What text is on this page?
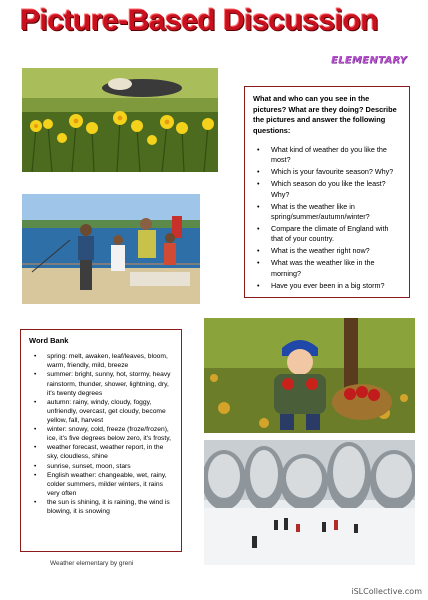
Picture-Based Discussion
ELEMENTARY

What and who can you see in the pictures? What are they doing? Describe the pictures and answer the following questions:

• What kind of weather do you like the most?
• Which is your favourite season? Why?
• Which season do you like the least? Why?
• What is the weather like in spring/summer/autumn/winter?
• Compare the climate of England with that of your country.
• What is the weather right now?
• What was the weather like in the morning?
• Have you ever been in a big storm?

Word Bank

• spring: melt, awaken, leaf/leaves, bloom, warm, friendly, mild, breeze
• summer: bright, sunny, hot, stormy, heavy rainstorm, thunder, shower, lightning, dry, it's twenty degrees
• autumn: rainy, windy, cloudy, foggy, unfriendly, overcast, get cloudy, become yellow, fall, harvest
• winter: snowy, cold, freeze (froze/frozen), ice, it's five degrees below zero, it's frosty,
• weather forecast, weather report, in the sky, cloudless, shine
• sunrise, sunset, moon, stars
• English weather: changeable, wet, rainy, colder summers, milder winters, it rains very often
• the sun is shining, it is raining, the wind is blowing, it is snowing
Weather elementary by greni
iSLCollective.com
